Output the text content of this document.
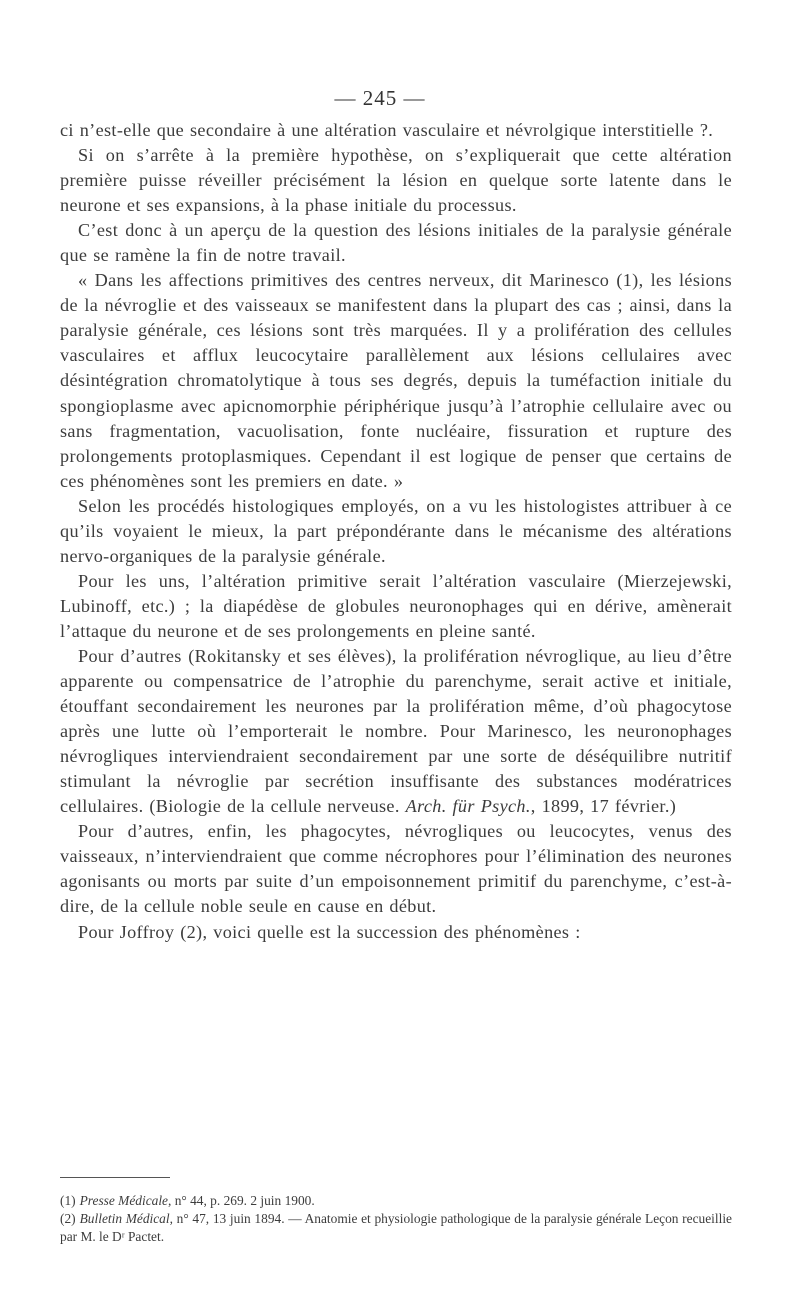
— 245 —

ci n’est-elle que secondaire à une altération vasculaire et névrolgique interstitielle ?.

Si on s’arrête à la première hypothèse, on s’expliquerait que cette altération première puisse réveiller précisément la lésion en quelque sorte latente dans le neurone et ses expansions, à la phase initiale du processus.

C’est donc à un aperçu de la question des lésions initiales de la paralysie générale que se ramène la fin de notre travail.

« Dans les affections primitives des centres nerveux, dit Marinesco (1), les lésions de la névroglie et des vaisseaux se manifestent dans la plupart des cas ; ainsi, dans la paralysie générale, ces lésions sont très marquées. Il y a prolifération des cellules vasculaires et afflux leucocytaire parallèlement aux lésions cellulaires avec désintégration chromatolytique à tous ses degrés, depuis la tuméfaction initiale du spongioplasme avec apicnomorphie périphérique jusqu’à l’atrophie cellulaire avec ou sans fragmentation, vacuolisation, fonte nucléaire, fissuration et rupture des prolongements protoplasmiques. Cependant il est logique de penser que certains de ces phénomènes sont les premiers en date. »

Selon les procédés histologiques employés, on a vu les histologistes attribuer à ce qu’ils voyaient le mieux, la part prépondérante dans le mécanisme des altérations nervo-organiques de la paralysie générale.

Pour les uns, l’altération primitive serait l’altération vasculaire (Mierzejewski, Lubinoff, etc.) ; la diapédèse de globules neuronophages qui en dérive, amènerait l’attaque du neurone et de ses prolongements en pleine santé.

Pour d’autres (Rokitansky et ses élèves), la prolifération névroglique, au lieu d’être apparente ou compensatrice de l’atrophie du parenchyme, serait active et initiale, étouffant secondairement les neurones par la prolifération même, d’où phagocytose après une lutte où l’emporterait le nombre. Pour Marinesco, les neuronophages névrogliques interviendraient secondairement par une sorte de déséquilibre nutritif stimulant la névroglie par secrétion insuffisante des substances modératrices cellulaires. (Biologie de la cellule nerveuse. Arch. für Psych., 1899, 17 février.)

Pour d’autres, enfin, les phagocytes, névrogliques ou leucocytes, venus des vaisseaux, n’interviendraient que comme nécrophores pour l’élimination des neurones agonisants ou morts par suite d’un empoisonnement primitif du parenchyme, c’est-à-dire, de la cellule noble seule en cause en début.

Pour Joffroy (2), voici quelle est la succession des phénomènes :

(1) Presse Médicale, n° 44, p. 269. 2 juin 1900.

(2) Bulletin Médical, n° 47, 13 juin 1894. — Anatomie et physiologie pathologique de la paralysie générale Leçon recueillie par M. le Dʳ Pactet.
